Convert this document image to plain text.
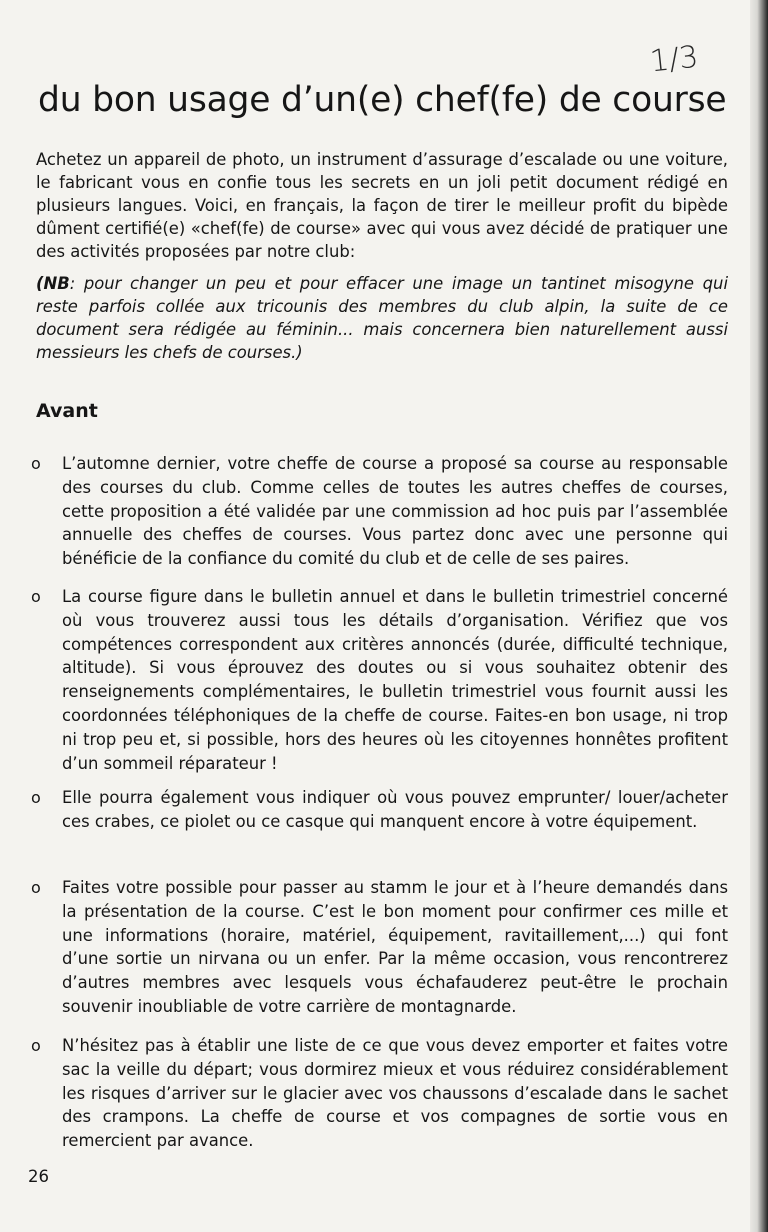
1/3
du bon usage d’un(e) chef(fe) de course

Achetez un appareil de photo, un instrument d’assurage d’escalade ou une voiture, le fabricant vous en confie tous les secrets en un joli petit document rédigé en plusieurs langues. Voici, en français, la façon de tirer le meilleur profit du bipède dûment certifié(e) «chef(fe) de course» avec qui vous avez décidé de pratiquer une des activités proposées par notre club:

(NB: pour changer un peu et pour effacer une image un tantinet misogyne qui reste parfois collée aux tricounis des membres du club alpin, la suite de ce document sera rédigée au féminin... mais concernera bien naturellement aussi messieurs les chefs de courses.)

Avant

o L’automne dernier, votre cheffe de course a proposé sa course au responsable des courses du club. Comme celles de toutes les autres cheffes de courses, cette proposition a été validée par une commission ad hoc puis par l’assemblée annuelle des cheffes de courses. Vous partez donc avec une personne qui bénéficie de la confiance du comité du club et de celle de ses paires.

o La course figure dans le bulletin annuel et dans le bulletin trimestriel concerné où vous trouverez aussi tous les détails d’organisation. Vérifiez que vos compétences correspondent aux critères annoncés (durée, difficulté technique, altitude). Si vous éprouvez des doutes ou si vous souhaitez obtenir des renseignements complémentaires, le bulletin trimestriel vous fournit aussi les coordonnées téléphoniques de la cheffe de course. Faites-en bon usage, ni trop ni trop peu et, si possible, hors des heures où les citoyennes honnêtes profitent d’un sommeil réparateur !

o Elle pourra également vous indiquer où vous pouvez emprunter/ louer/acheter ces crabes, ce piolet ou ce casque qui manquent encore à votre équipement.

o Faites votre possible pour passer au stamm le jour et à l’heure demandés dans la présentation de la course. C’est le bon moment pour confirmer ces mille et une informations (horaire, matériel, équipement, ravitaillement,...) qui font d’une sortie un nirvana ou un enfer. Par la même occasion, vous rencontrerez d’autres membres avec lesquels vous échafauderez peut-être le prochain souvenir inoubliable de votre carrière de montagnarde.

o N’hésitez pas à établir une liste de ce que vous devez emporter et faites votre sac la veille du départ; vous dormirez mieux et vous réduirez considérablement les risques d’arriver sur le glacier avec vos chaussons d’escalade dans le sachet des crampons. La cheffe de course et vos compagnes de sortie vous en remercient par avance.

26
